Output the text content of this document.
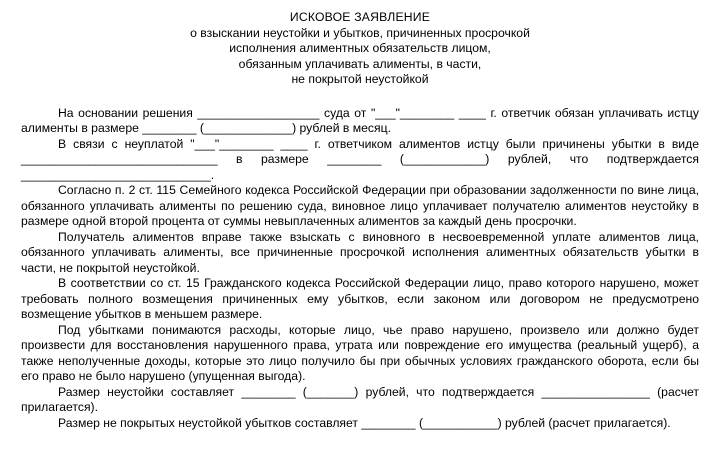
ИСКОВОЕ ЗАЯВЛЕНИЕ
о взыскании неустойки и убытков, причиненных просрочкой
исполнения алиментных обязательств лицом,
обязанным уплачивать алименты, в части,
не покрытой неустойкой

На основании решения __________________ суда от "___"________ ____ г. ответчик обязан уплачивать истцу алименты в размере ________ (_____________) рублей в месяц.

В связи с неуплатой "___"________ ____ г. ответчиком алиментов истцу были причинены убытки в виде _____________________________ в размере ________ (____________) рублей, что подтверждается ____________________________.

Согласно п. 2 ст. 115 Семейного кодекса Российской Федерации при образовании задолженности по вине лица, обязанного уплачивать алименты по решению суда, виновное лицо уплачивает получателю алиментов неустойку в размере одной второй процента от суммы невыплаченных алиментов за каждый день просрочки.

Получатель алиментов вправе также взыскать с виновного в несвоевременной уплате алиментов лица, обязанного уплачивать алименты, все причиненные просрочкой исполнения алиментных обязательств убытки в части, не покрытой неустойкой.

В соответствии со ст. 15 Гражданского кодекса Российской Федерации лицо, право которого нарушено, может требовать полного возмещения причиненных ему убытков, если законом или договором не предусмотрено возмещение убытков в меньшем размере.

Под убытками понимаются расходы, которые лицо, чье право нарушено, произвело или должно будет произвести для восстановления нарушенного права, утрата или повреждение его имущества (реальный ущерб), а также неполученные доходы, которые это лицо получило бы при обычных условиях гражданского оборота, если бы его право не было нарушено (упущенная выгода).

Размер неустойки составляет ________ (_______) рублей, что подтверждается ________________ (расчет прилагается).

Размер не покрытых неустойкой убытков составляет ________ (___________) рублей (расчет прилагается).
